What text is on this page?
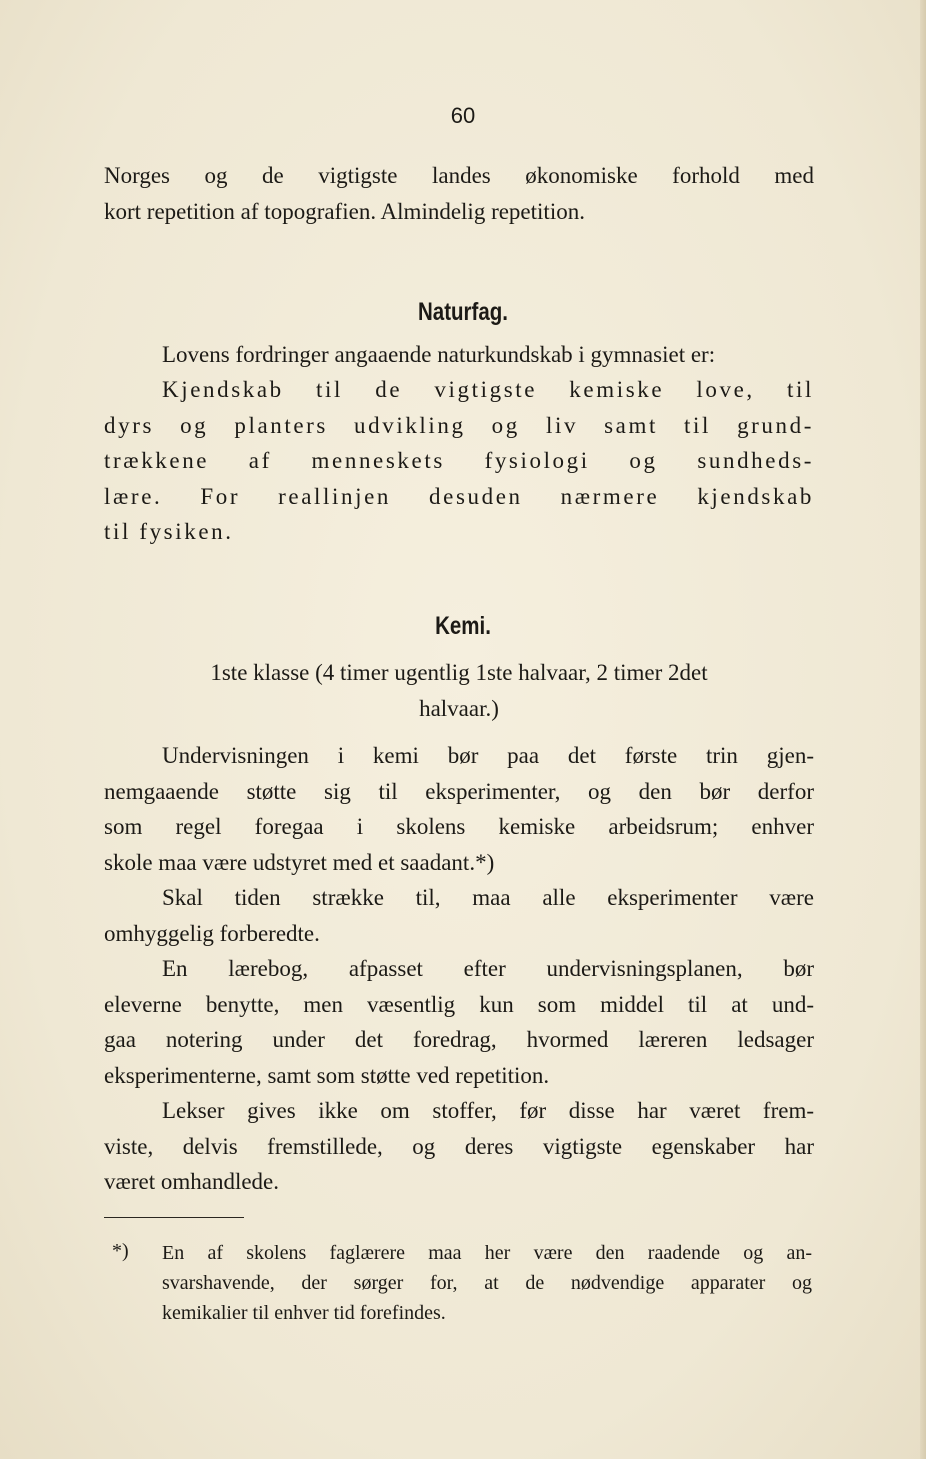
60
Norges og de vigtigste landes økonomiske forhold med
kort repetition af topografien. Almindelig repetition.
Naturfag.
Lovens fordringer angaaende naturkundskab i gymnasiet er:
Kjendskab til de vigtigste kemiske love, til
dyrs og planters udvikling og liv samt til grund-
trækkene af menneskets fysiologi og sundheds-
lære. For reallinjen desuden nærmere kjendskab
til fysiken.
Kemi.
1ste klasse (4 timer ugentlig 1ste halvaar, 2 timer 2det
halvaar.)
Undervisningen i kemi bør paa det første trin gjen-
nemgaaende støtte sig til eksperimenter, og den bør derfor
som regel foregaa i skolens kemiske arbeidsrum; enhver
skole maa være udstyret med et saadant.*)
Skal tiden strække til, maa alle eksperimenter være
omhyggelig forberedte.
En lærebog, afpasset efter undervisningsplanen, bør
eleverne benytte, men væsentlig kun som middel til at und-
gaa notering under det foredrag, hvormed læreren ledsager
eksperimenterne, samt som støtte ved repetition.
Lekser gives ikke om stoffer, før disse har været frem-
viste, delvis fremstillede, og deres vigtigste egenskaber har
været omhandlede.
*) En af skolens faglærere maa her være den raadende og an-
svarshavende, der sørger for, at de nødvendige apparater og
kemikalier til enhver tid forefindes.
